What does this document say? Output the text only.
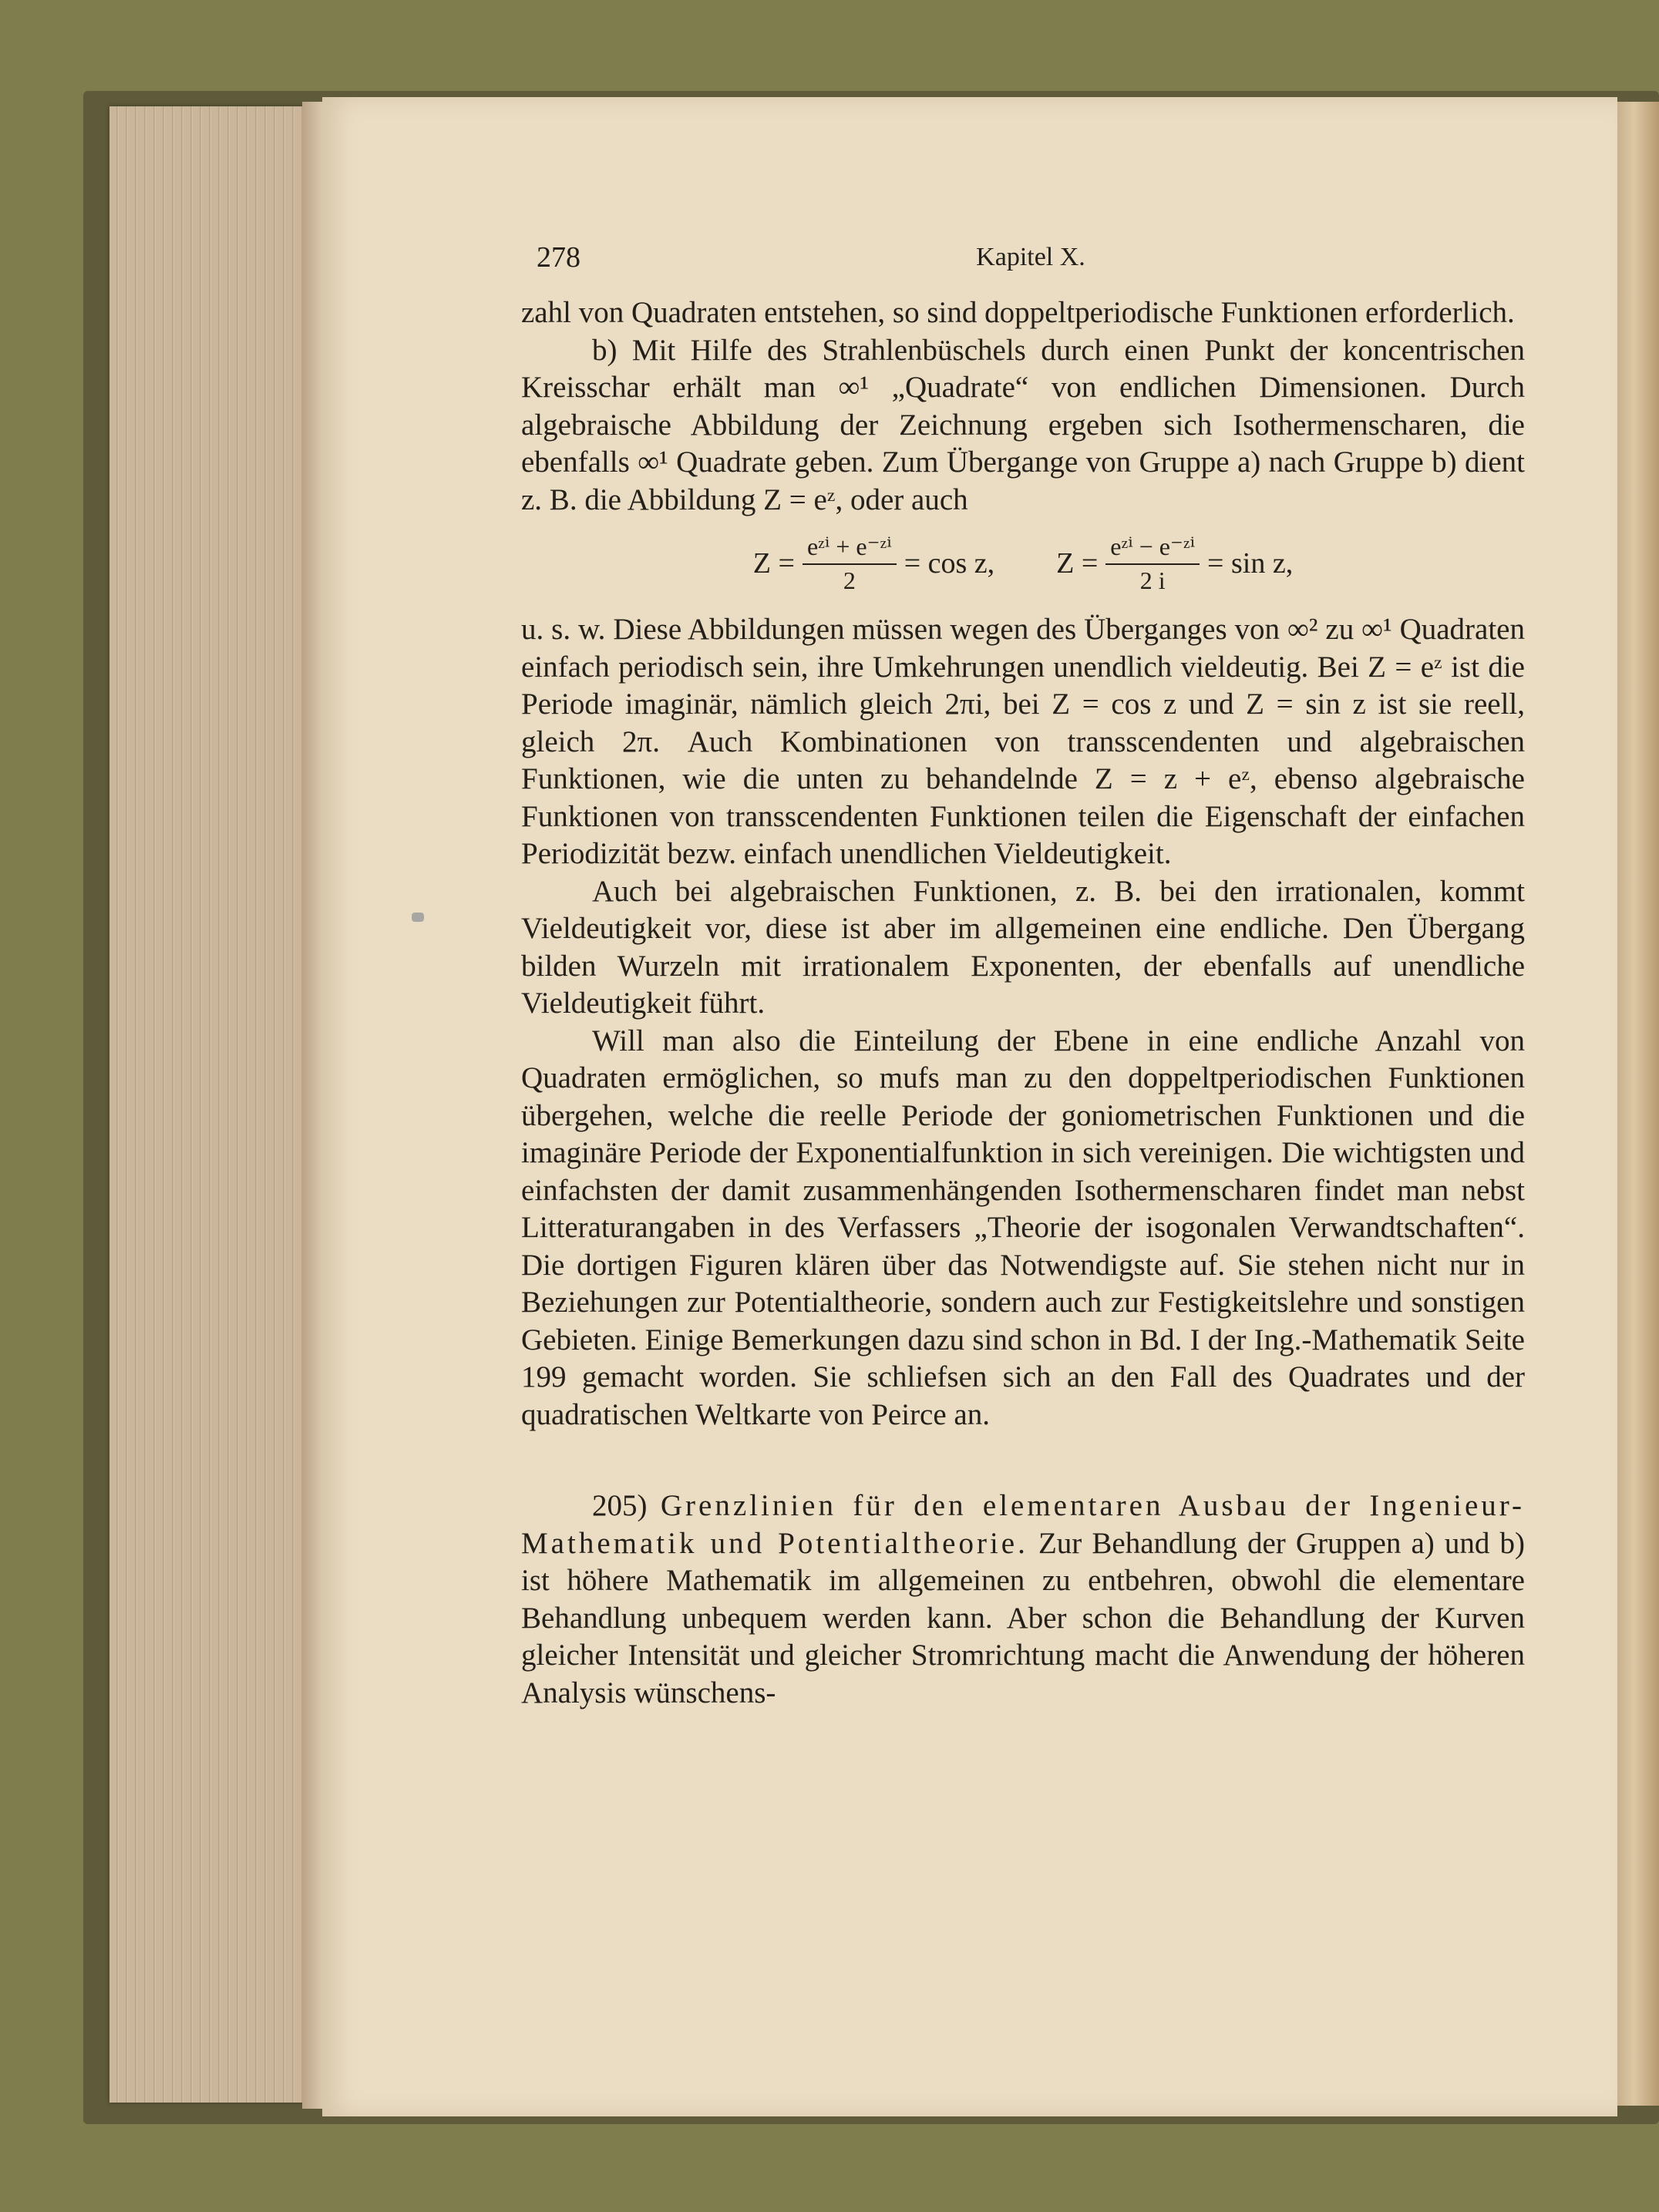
278	Kapitel X.

zahl von Quadraten entstehen, so sind doppeltperiodische Funktionen erforderlich.

b) Mit Hilfe des Strahlenbüschels durch einen Punkt der koncentrischen Kreisschar erhält man ∞¹ „Quadrate“ von endlichen Dimensionen. Durch algebraische Abbildung der Zeichnung ergeben sich Isothermenscharen, die ebenfalls ∞¹ Quadrate geben. Zum Übergange von Gruppe a) nach Gruppe b) dient z. B. die Abbildung Z = eᶻ, oder auch

$Z = \frac{\text{eᶻⁱ + e⁻ᶻⁱ}}{2} = \cos z$, $Z = \frac{\text{eᶻⁱ − e⁻ᶻⁱ}}{2 i} = \sin z$,

u. s. w. Diese Abbildungen müssen wegen des Überganges von ∞² zu ∞¹ Quadraten einfach periodisch sein, ihre Umkehrungen unendlich vieldeutig. Bei Z = eᶻ ist die Periode imaginär, nämlich gleich 2πi, bei Z = cos z und Z = sin z ist sie reell, gleich 2π. Auch Kombinationen von transscendenten und algebraischen Funktionen, wie die unten zu behandelnde Z = z + eᶻ, ebenso algebraische Funktionen von transscendenten Funktionen teilen die Eigenschaft der einfachen Periodizität bezw. einfach unendlichen Vieldeutigkeit.

Auch bei algebraischen Funktionen, z. B. bei den irrationalen, kommt Vieldeutigkeit vor, diese ist aber im allgemeinen eine endliche. Den Übergang bilden Wurzeln mit irrationalem Exponenten, der ebenfalls auf unendliche Vieldeutigkeit führt.

Will man also die Einteilung der Ebene in eine endliche Anzahl von Quadraten ermöglichen, so mufs man zu den doppeltperiodischen Funktionen übergehen, welche die reelle Periode der goniometrischen Funktionen und die imaginäre Periode der Exponentialfunktion in sich vereinigen. Die wichtigsten und einfachsten der damit zusammenhängenden Isothermenscharen findet man nebst Litteraturangaben in des Verfassers „Theorie der isogonalen Verwandtschaften“. Die dortigen Figuren klären über das Notwendigste auf. Sie stehen nicht nur in Beziehungen zur Potentialtheorie, sondern auch zur Festigkeitslehre und sonstigen Gebieten. Einige Bemerkungen dazu sind schon in Bd. I der Ing.-Mathematik Seite 199 gemacht worden. Sie schliefsen sich an den Fall des Quadrates und der quadratischen Weltkarte von Peirce an.

205) Grenzlinien für den elementaren Ausbau der Ingenieur-Mathematik und Potentialtheorie. Zur Behandlung der Gruppen a) und b) ist höhere Mathematik im allgemeinen zu entbehren, obwohl die elementare Behandlung unbequem werden kann. Aber schon die Behandlung der Kurven gleicher Intensität und gleicher Stromrichtung macht die Anwendung der höheren Analysis wünschens-
